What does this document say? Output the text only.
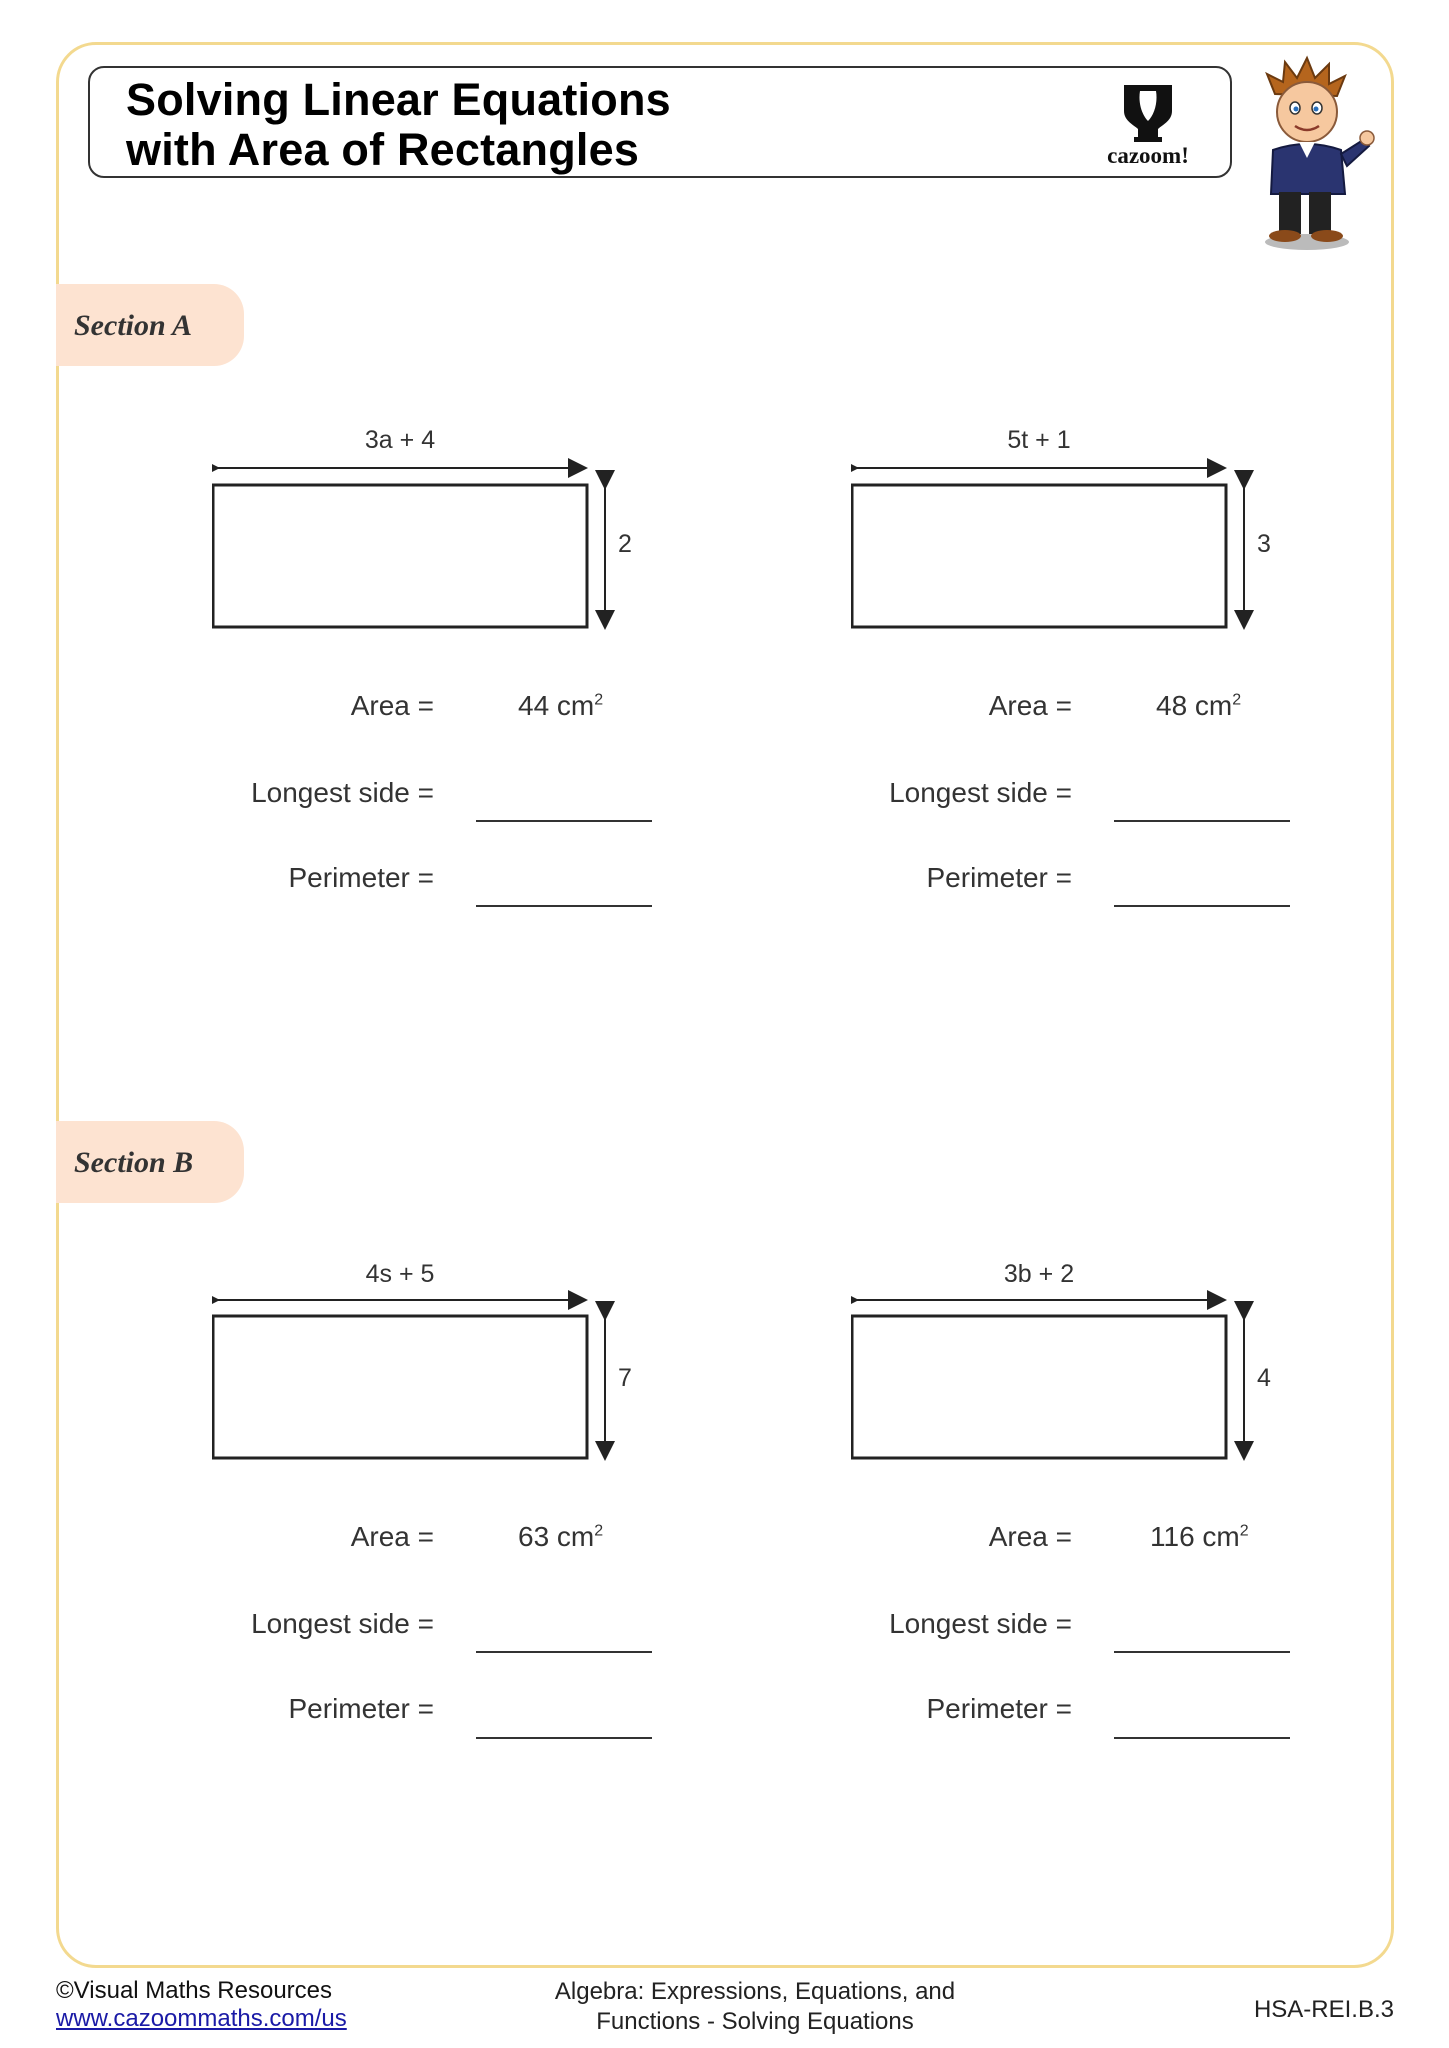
Solving Linear Equations
with Area of Rectangles	cazoom!
Section A
3a + 4
2
Area =	44 $cm^2$
Longest side =
Perimeter =
5t + 1
3
Area =	48 $cm^2$
Longest side =
Perimeter =
Section B
4s + 5
7
Area =	63 $cm^2$
Longest side =
Perimeter =
3b + 2
4
Area =	116 $cm^2$
Longest side =
Perimeter =
©Visual Maths Resources
www.cazoommaths.com/us
Algebra: Expressions, Equations, and
Functions - Solving Equations	HSA-REI.B.3
